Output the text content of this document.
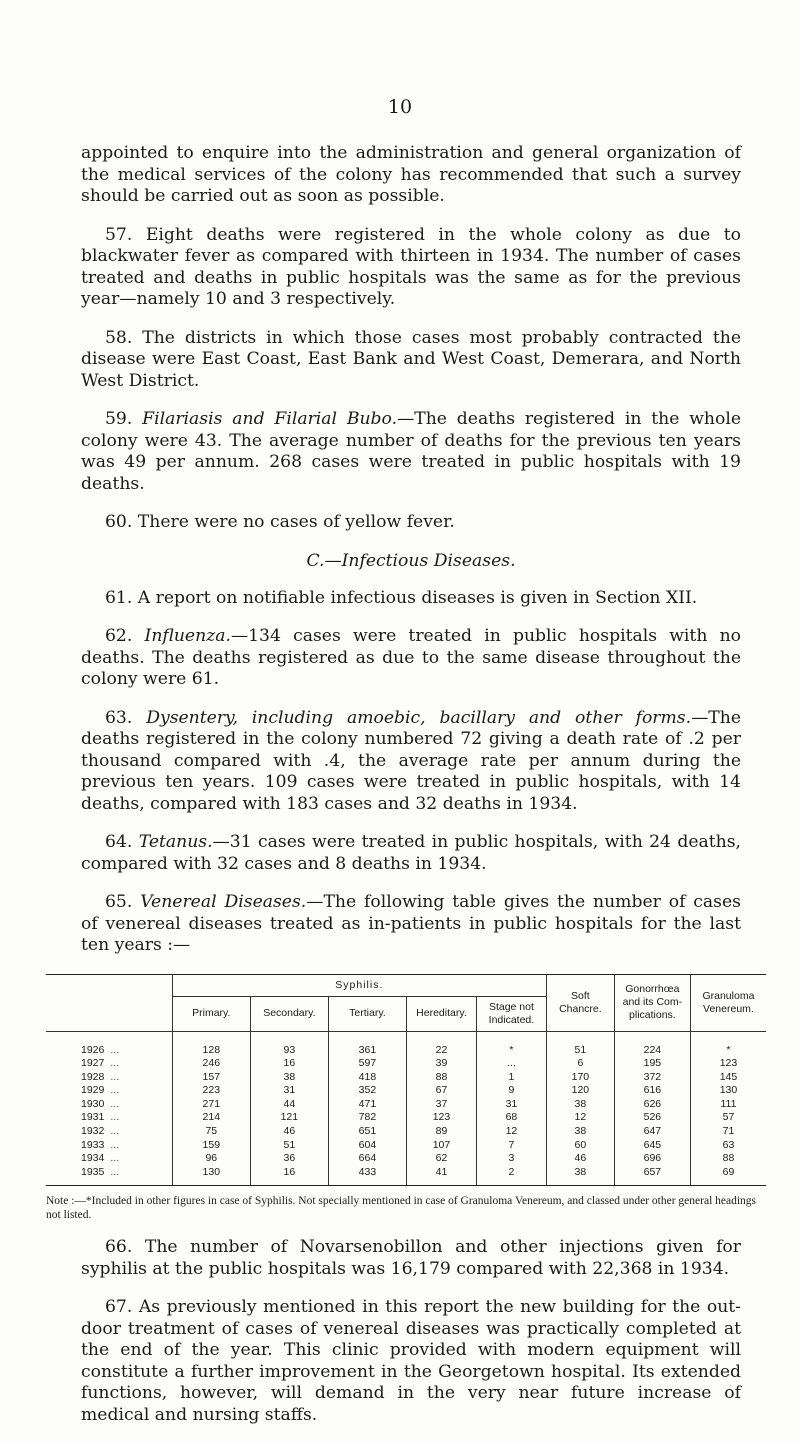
10

appointed to enquire into the administration and general organization of the medical services of the colony has recommended that such a survey should be carried out as soon as possible.

57. Eight deaths were registered in the whole colony as due to blackwater fever as compared with thirteen in 1934. The number of cases treated and deaths in public hospitals was the same as for the previous year—namely 10 and 3 respectively.

58. The districts in which those cases most probably contracted the disease were East Coast, East Bank and West Coast, Demerara, and North West District.

59. Filariasis and Filarial Bubo.—The deaths registered in the whole colony were 43. The average number of deaths for the previous ten years was 49 per annum. 268 cases were treated in public hospitals with 19 deaths.

60. There were no cases of yellow fever.

C.—Infectious Diseases.

61. A report on notifiable infectious diseases is given in Section XII.

62. Influenza.—134 cases were treated in public hospitals with no deaths. The deaths registered as due to the same disease throughout the colony were 61.

63. Dysentery, including amoebic, bacillary and other forms.—The deaths registered in the colony numbered 72 giving a death rate of .2 per thousand compared with .4, the average rate per annum during the previous ten years. 109 cases were treated in public hospitals, with 14 deaths, compared with 183 cases and 32 deaths in 1934.

64. Tetanus.—31 cases were treated in public hospitals, with 24 deaths, compared with 32 cases and 8 deaths in 1934.

65. Venereal Diseases.—The following table gives the number of cases of venereal diseases treated as in-patients in public hospitals for the last ten years :—

	Syphilis.					Soft Chancre.	Gonorrhœa and its Com- plications.	Granuloma Venereum.
	Primary.	Secondary.	Tertiary.	Hereditary.	Stage not Indicated.			
1926 ...	128	93	361	22	*	51	224	*
1927 ...	246	16	597	39	...	6	195	123
1928 ...	157	38	418	88	1	170	372	145
1929 ...	223	31	352	67	9	120	616	130
1930 ...	271	44	471	37	31	38	626	111
1931 ...	214	121	782	123	68	12	526	57
1932 ...	75	46	651	89	12	38	647	71
1933 ...	159	51	604	107	7	60	645	63
1934 ...	96	36	664	62	3	46	696	88
1935 ...	130	16	433	41	2	38	657	69
Note :—*Included in other figures in case of Syphilis. Not specially mentioned in case of Granuloma Venereum, and classed under other general headings not listed.

66. The number of Novarsenobillon and other injections given for syphilis at the public hospitals was 16,179 compared with 22,368 in 1934.

67. As previously mentioned in this report the new building for the out-door treatment of cases of venereal diseases was practically completed at the end of the year. This clinic provided with modern equipment will constitute a further improvement in the Georgetown hospital. Its extended functions, however, will demand in the very near future increase of medical and nursing staffs.
